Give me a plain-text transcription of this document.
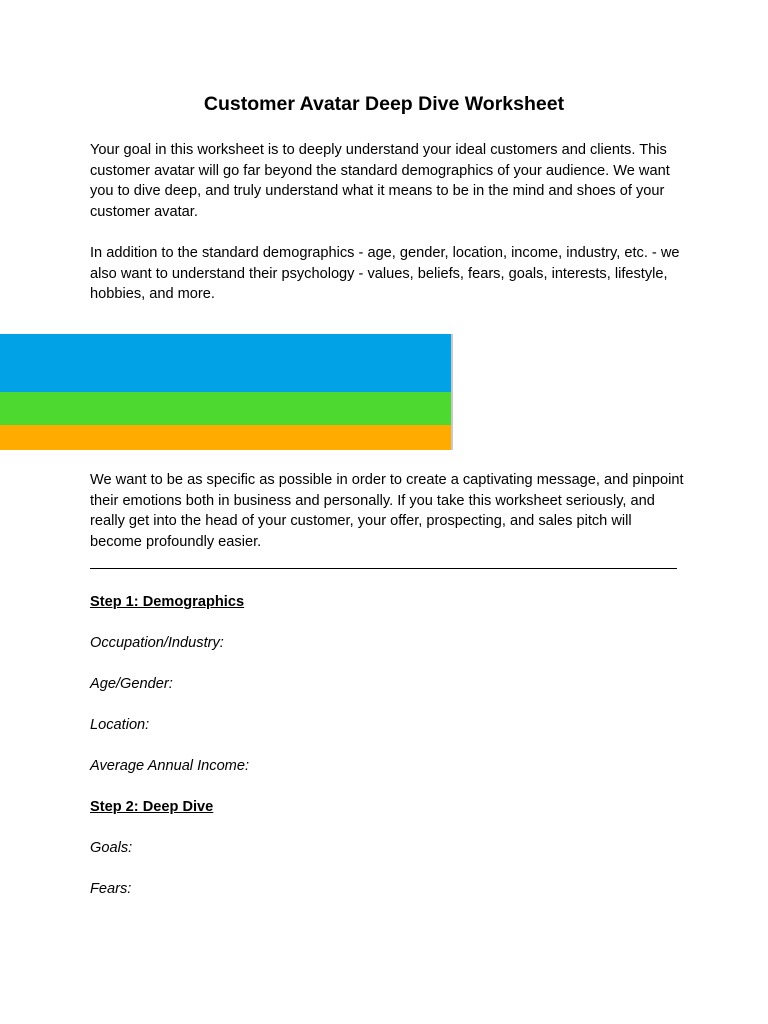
Customer Avatar Deep Dive Worksheet

Your goal in this worksheet is to deeply understand your ideal customers and clients. This customer avatar will go far beyond the standard demographics of your audience. We want you to dive deep, and truly understand what it means to be in the mind and shoes of your customer avatar.

In addition to the standard demographics - age, gender, location, income, industry, etc. - we also want to understand their psychology - values, beliefs, fears, goals, interests, lifestyle, hobbies, and more.

We want to be as specific as possible in order to create a captivating message, and pinpoint their emotions both in business and personally. If you take this worksheet seriously, and really get into the head of your customer, your offer, prospecting, and sales pitch will become profoundly easier.

Step 1: Demographics

Occupation/Industry:

Age/Gender:

Location:

Average Annual Income:

Step 2: Deep Dive

Goals:

Fears:
